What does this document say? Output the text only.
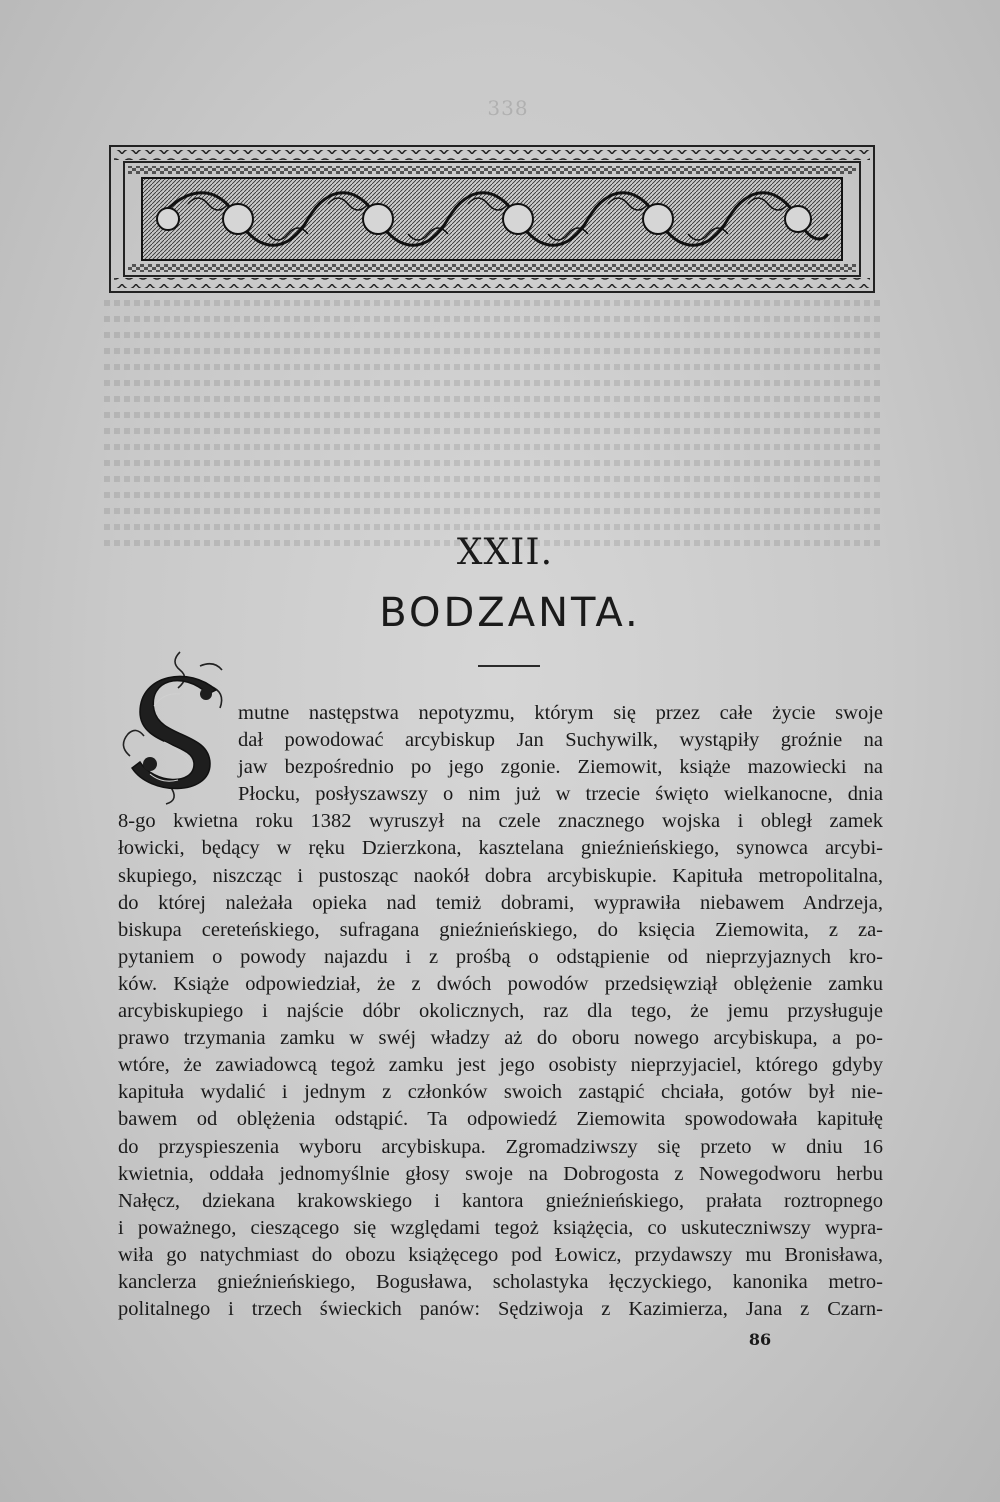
338
XXII.
BODZANTA.
mutne następstwa nepotyzmu, którym się przez całe życie swoje
dał powodować arcybiskup Jan Suchywilk, wystąpiły groźnie na
jaw bezpośrednio po jego zgonie. Ziemowit, książe mazowiecki na
Płocku, posłyszawszy o nim już w trzecie święto wielkanocne, dnia
8-go kwietna roku 1382 wyruszył na czele znacznego wojska i obległ zamek
łowicki, będący w ręku Dzierzkona, kasztelana gnieźnieńskiego, synowca arcybi-
skupiego, niszcząc i pustosząc naokół dobra arcybiskupie. Kapituła metropolitalna,
do której należała opieka nad temiż dobrami, wyprawiła niebawem Andrzeja,
biskupa cereteńskiego, sufragana gnieźnieńskiego, do księcia Ziemowita, z za-
pytaniem o powody najazdu i z prośbą o odstąpienie od nieprzyjaznych kro-
ków. Książe odpowiedział, że z dwóch powodów przedsięwziął oblężenie zamku
arcybiskupiego i najście dóbr okolicznych, raz dla tego, że jemu przysługuje
prawo trzymania zamku w swéj władzy aż do oboru nowego arcybiskupa, a po-
wtóre, że zawiadowcą tegoż zamku jest jego osobisty nieprzyjaciel, którego gdyby
kapituła wydalić i jednym z członków swoich zastąpić chciała, gotów był nie-
bawem od oblężenia odstąpić. Ta odpowiedź Ziemowita spowodowała kapitułę
do przyspieszenia wyboru arcybiskupa. Zgromadziwszy się przeto w dniu 16
kwietnia, oddała jednomyślnie głosy swoje na Dobrogosta z Nowegodworu herbu
Nałęcz, dziekana krakowskiego i kantora gnieźnieńskiego, prałata roztropnego
i poważnego, cieszącego się względami tegoż książęcia, co uskuteczniwszy wypra-
wiła go natychmiast do obozu książęcego pod Łowicz, przydawszy mu Bronisława,
kanclerza gnieźnieńskiego, Bogusława, scholastyka łęczyckiego, kanonika metro-
politalnego i trzech świeckich panów: Sędziwoja z Kazimierza, Jana z Czarn-
86
